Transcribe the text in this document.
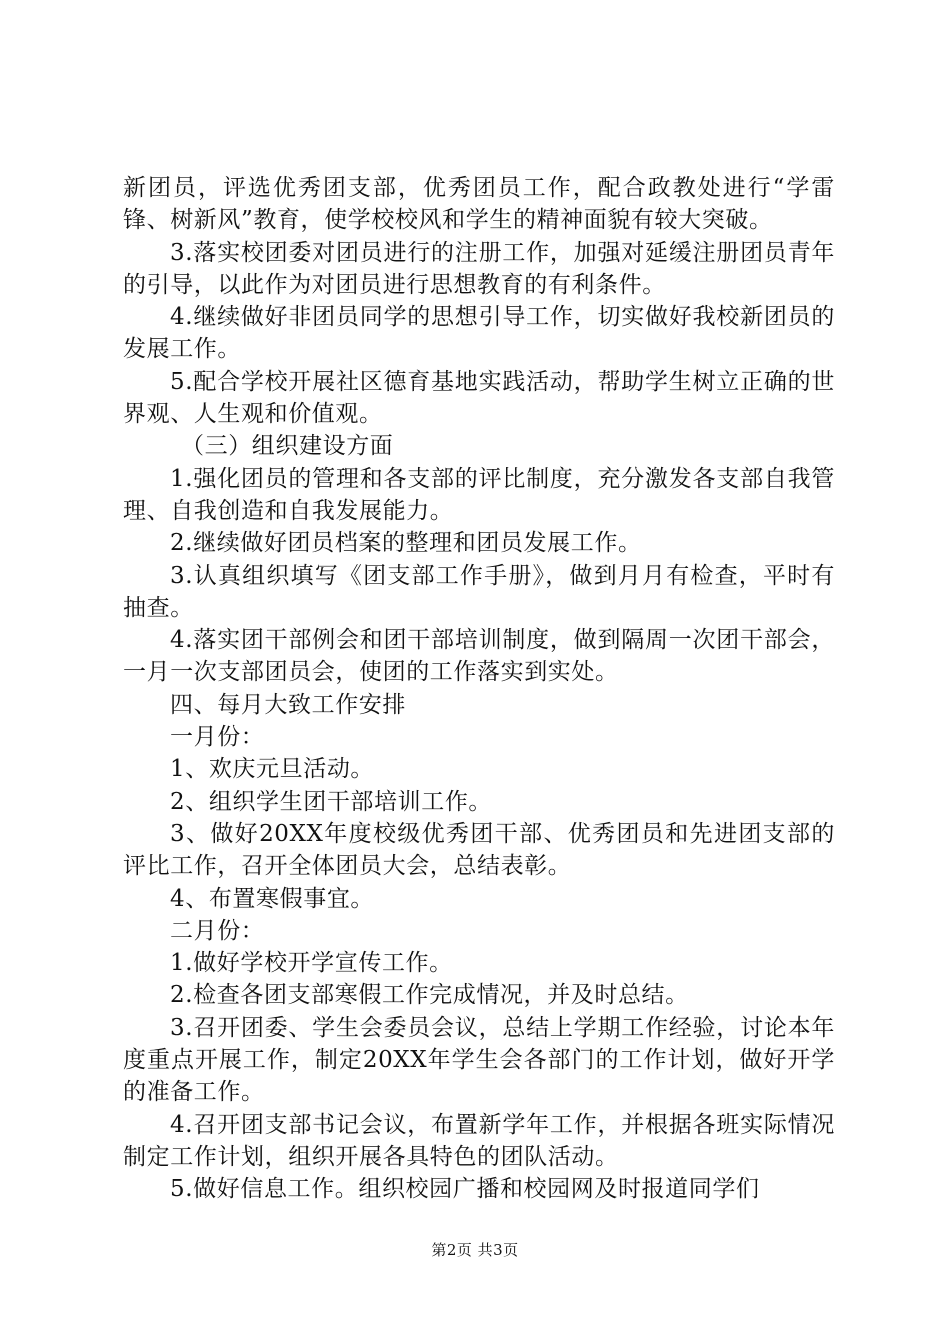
新团员，评选优秀团支部，优秀团员工作，配合政教处进行“学雷锋、树新风”教育，使学校校风和学生的精神面貌有较大突破。

3.落实校团委对团员进行的注册工作，加强对延缓注册团员青年的引导，以此作为对团员进行思想教育的有利条件。

4.继续做好非团员同学的思想引导工作，切实做好我校新团员的发展工作。

5.配合学校开展社区德育基地实践活动，帮助学生树立正确的世界观、人生观和价值观。

（三）组织建设方面

1.强化团员的管理和各支部的评比制度，充分激发各支部自我管理、自我创造和自我发展能力。

2.继续做好团员档案的整理和团员发展工作。

3.认真组织填写《团支部工作手册》，做到月月有检查，平时有抽查。

4.落实团干部例会和团干部培训制度，做到隔周一次团干部会，一月一次支部团员会，使团的工作落实到实处。

四、每月大致工作安排

一月份：

1、欢庆元旦活动。

2、组织学生团干部培训工作。

3、做好20XX年度校级优秀团干部、优秀团员和先进团支部的评比工作，召开全体团员大会，总结表彰。

4、布置寒假事宜。

二月份：

1.做好学校开学宣传工作。

2.检查各团支部寒假工作完成情况，并及时总结。

3.召开团委、学生会委员会议，总结上学期工作经验，讨论本年度重点开展工作，制定20XX年学生会各部门的工作计划，做好开学的准备工作。

4.召开团支部书记会议，布置新学年工作，并根据各班实际情况制定工作计划，组织开展各具特色的团队活动。

5.做好信息工作。组织校园广播和校园网及时报道同学们

第2页 共3页
